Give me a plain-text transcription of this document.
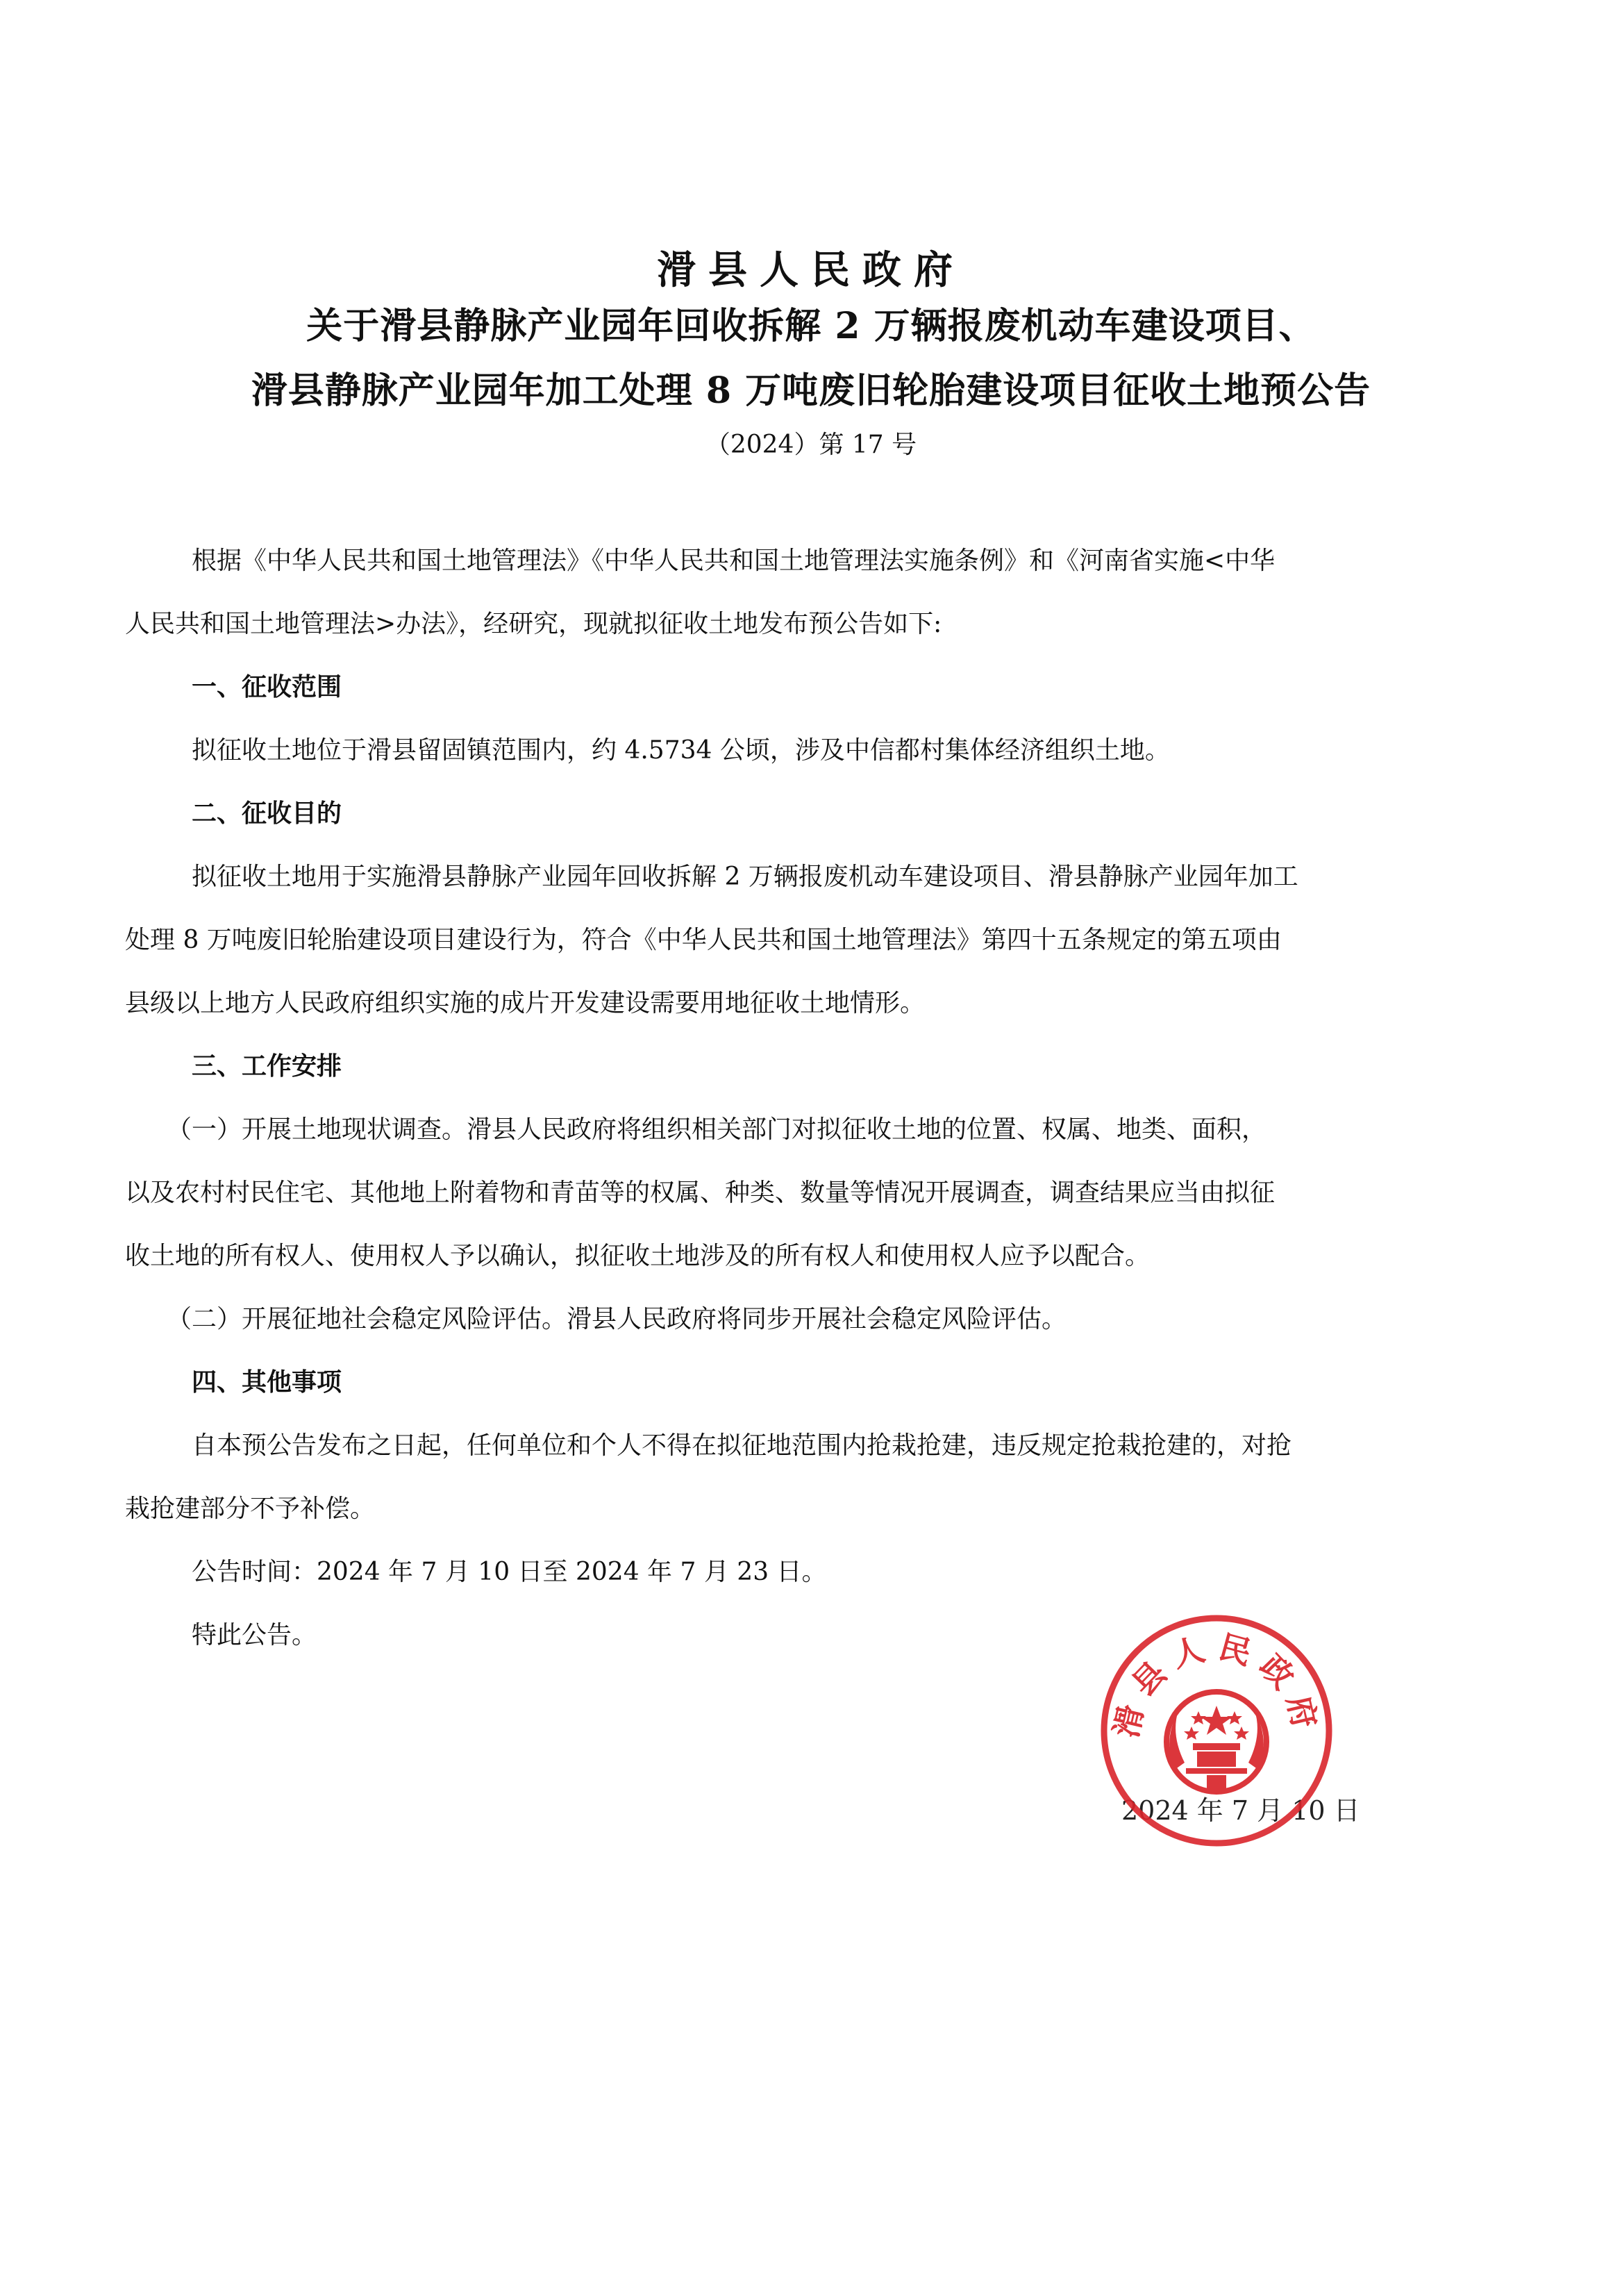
滑县人民政府
关于滑县静脉产业园年回收拆解 2 万辆报废机动车建设项目、
滑县静脉产业园年加工处理 8 万吨废旧轮胎建设项目征收土地预公告
（2024）第 17 号
根据《中华人民共和国土地管理法》《中华人民共和国土地管理法实施条例》和《河南省实施<中华
人民共和国土地管理法>办法》，经研究，现就拟征收土地发布预公告如下:
一、征收范围
拟征收土地位于滑县留固镇范围内，约 4.5734 公顷，涉及中信都村集体经济组织土地。
二、征收目的
拟征收土地用于实施滑县静脉产业园年回收拆解 2 万辆报废机动车建设项目、滑县静脉产业园年加工
处理 8 万吨废旧轮胎建设项目建设行为，符合《中华人民共和国土地管理法》第四十五条规定的第五项由
县级以上地方人民政府组织实施的成片开发建设需要用地征收土地情形。
三、工作安排
（一）开展土地现状调查。滑县人民政府将组织相关部门对拟征收土地的位置、权属、地类、面积，
以及农村村民住宅、其他地上附着物和青苗等的权属、种类、数量等情况开展调查，调查结果应当由拟征
收土地的所有权人、使用权人予以确认，拟征收土地涉及的所有权人和使用权人应予以配合。
（二）开展征地社会稳定风险评估。滑县人民政府将同步开展社会稳定风险评估。
四、其他事项
自本预公告发布之日起，任何单位和个人不得在拟征地范围内抢栽抢建，违反规定抢栽抢建的，对抢
栽抢建部分不予补偿。
公告时间：2024 年 7 月 10 日至 2024 年 7 月 23 日。
特此公告。
2024 年 7 月 10 日
滑县人民政府
